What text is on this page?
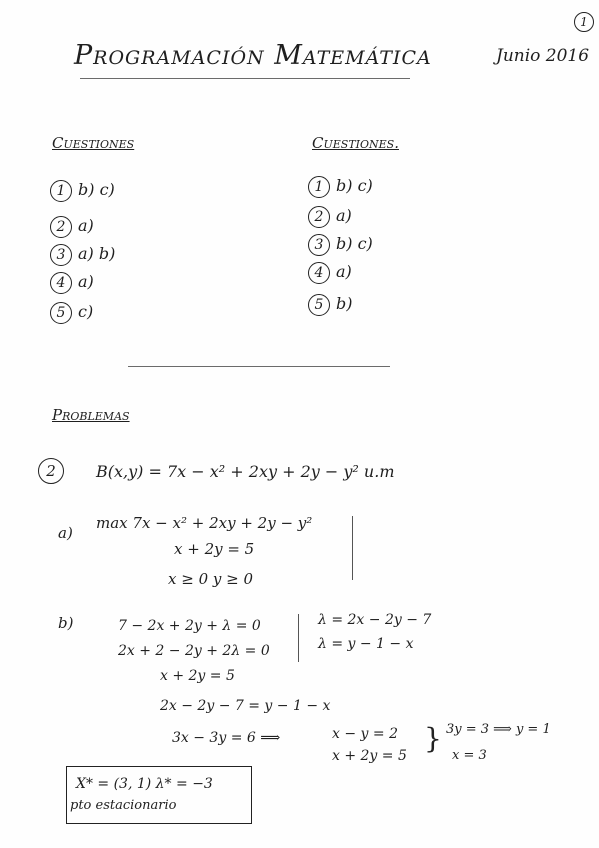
1
Programación Matemática	Junio 2016
Cuestiones
1 b) c)
2 a)
3 a) b)
4 a)
5 c)
Cuestiones.
1 b) c)
2 a)
3 b) c)
4 a)
5 b)
Problemas
2	B(x,y) = 7x − x² + 2xy + 2y − y² u.m
a)
max 7x − x² + 2xy + 2y − y²
x + 2y = 5
x ≥ 0 y ≥ 0
b)	7 − 2x + 2y + λ = 0
2x + 2 − 2y + 2λ = 0
x + 2y = 5
λ = 2x − 2y − 7
λ = y − 1 − x
2x − 2y − 7 = y − 1 − x
3x − 3y = 6 ⟹	x − y = 2
x + 2y = 5
} 3y = 3 ⟹ y = 1
x = 3
X* = (3, 1) λ* = −3
pto estacionario
